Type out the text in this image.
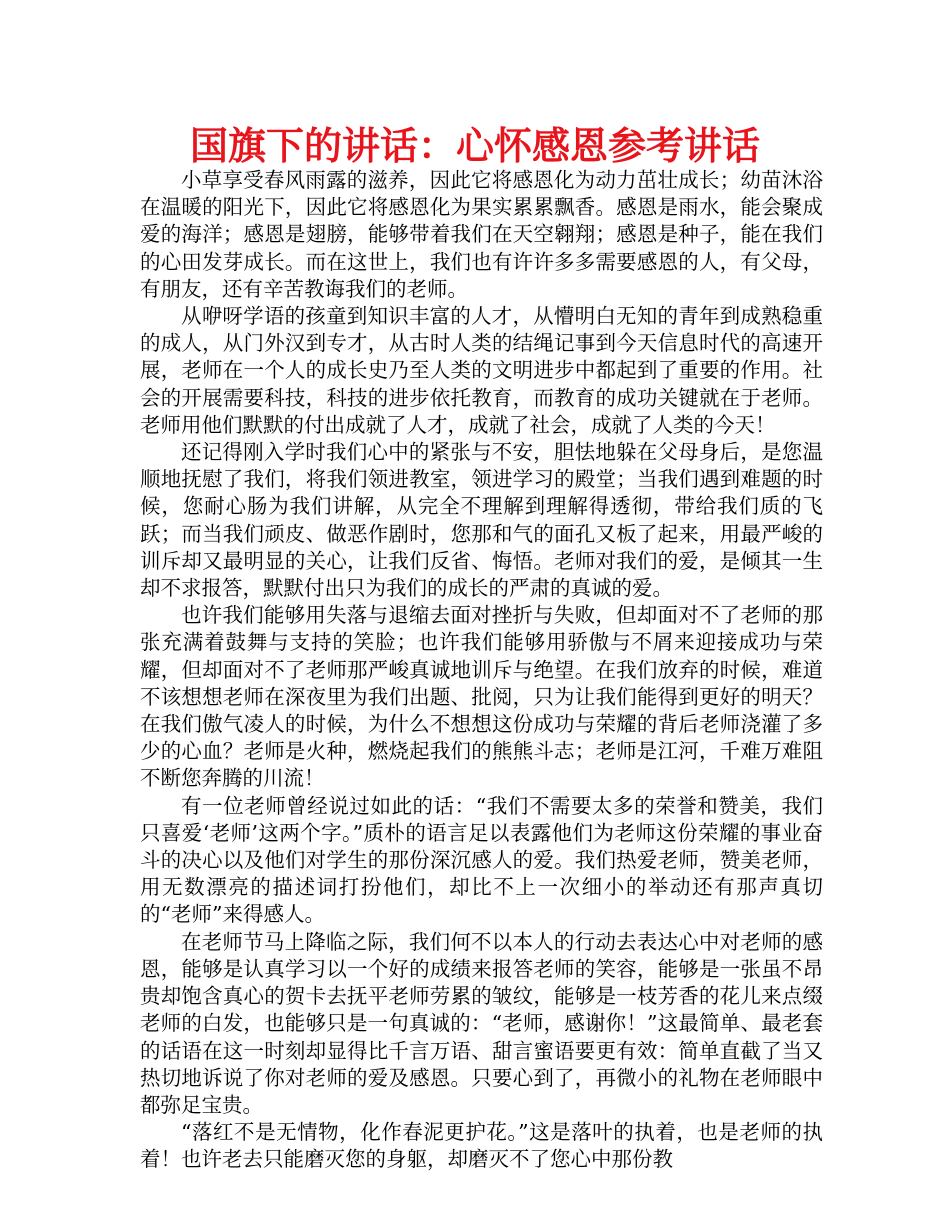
国旗下的讲话：心怀感恩参考讲话

小草享受春风雨露的滋养，因此它将感恩化为动力茁壮成长；幼苗沐浴在温暖的阳光下，因此它将感恩化为果实累累飘香。感恩是雨水，能会聚成爱的海洋；感恩是翅膀，能够带着我们在天空翱翔；感恩是种子，能在我们的心田发芽成长。而在这世上，我们也有许许多多需要感恩的人，有父母，有朋友，还有辛苦教诲我们的老师。

从咿呀学语的孩童到知识丰富的人才，从懵明白无知的青年到成熟稳重的成人，从门外汉到专才，从古时人类的结绳记事到今天信息时代的高速开展，老师在一个人的成长史乃至人类的文明进步中都起到了重要的作用。社会的开展需要科技，科技的进步依托教育，而教育的成功关键就在于老师。老师用他们默默的付出成就了人才，成就了社会，成就了人类的今天！

还记得刚入学时我们心中的紧张与不安，胆怯地躲在父母身后，是您温顺地抚慰了我们，将我们领进教室，领进学习的殿堂；当我们遇到难题的时候，您耐心肠为我们讲解，从完全不理解到理解得透彻，带给我们质的飞跃；而当我们顽皮、做恶作剧时，您那和气的面孔又板了起来，用最严峻的训斥却又最明显的关心，让我们反省、悔悟。老师对我们的爱，是倾其一生却不求报答，默默付出只为我们的成长的严肃的真诚的爱。

也许我们能够用失落与退缩去面对挫折与失败，但却面对不了老师的那张充满着鼓舞与支持的笑脸；也许我们能够用骄傲与不屑来迎接成功与荣耀，但却面对不了老师那严峻真诚地训斥与绝望。在我们放弃的时候，难道不该想想老师在深夜里为我们出题、批阅，只为让我们能得到更好的明天？在我们傲气凌人的时候，为什么不想想这份成功与荣耀的背后老师浇灌了多少的心血？老师是火种，燃烧起我们的熊熊斗志；老师是江河，千难万难阻不断您奔腾的川流！

有一位老师曾经说过如此的话：“我们不需要太多的荣誉和赞美，我们只喜爱‘老师’这两个字。”质朴的语言足以表露他们为老师这份荣耀的事业奋斗的决心以及他们对学生的那份深沉感人的爱。我们热爱老师，赞美老师，用无数漂亮的描述词打扮他们，却比不上一次细小的举动还有那声真切的“老师”来得感人。

在老师节马上降临之际，我们何不以本人的行动去表达心中对老师的感恩，能够是认真学习以一个好的成绩来报答老师的笑容，能够是一张虽不昂贵却饱含真心的贺卡去抚平老师劳累的皱纹，能够是一枝芳香的花儿来点缀老师的白发，也能够只是一句真诚的：“老师，感谢你！”这最简单、最老套的话语在这一时刻却显得比千言万语、甜言蜜语要更有效：简单直截了当又热切地诉说了你对老师的爱及感恩。只要心到了，再微小的礼物在老师眼中都弥足宝贵。

“落红不是无情物，化作春泥更护花。”这是落叶的执着，也是老师的执着！也许老去只能磨灭您的身躯，却磨灭不了您心中那份教
